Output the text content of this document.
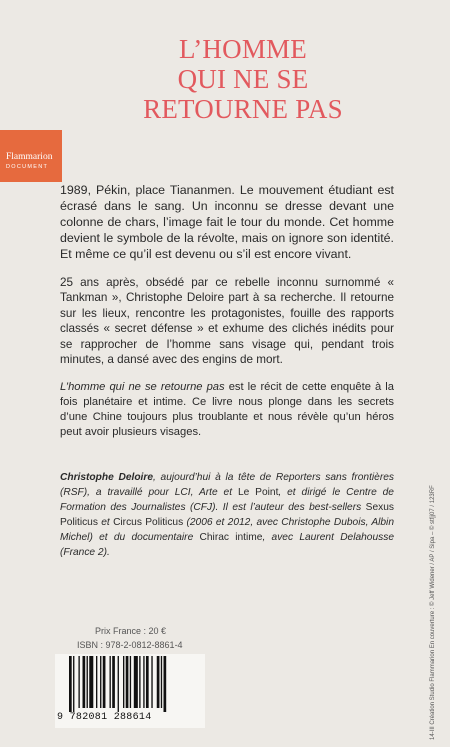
L’HOMME
QUI NE SE
RETOURNE PAS
Flammarion
DOCUMENT

1989, Pékin, place Tiananmen. Le mouvement étudiant est écrasé dans le sang. Un inconnu se dresse devant une colonne de chars, l’image fait le tour du monde. Cet homme devient le symbole de la révolte, mais on ignore son identité. Et même ce qu’il est devenu ou s’il est encore vivant.

25 ans après, obsédé par ce rebelle inconnu surnommé « Tankman », Christophe Deloire part à sa recherche. Il retourne sur les lieux, rencontre les protagonistes, fouille des rapports classés « secret défense » et exhume des clichés inédits pour se rapprocher de l’homme sans visage qui, pendant trois minutes, a dansé avec des engins de mort.

L’homme qui ne se retourne pas est le récit de cette enquête à la fois planétaire et intime. Ce livre nous plonge dans les secrets d’une Chine toujours plus troublante et nous révèle qu’un héros peut avoir plusieurs visages.

Christophe Deloire, aujourd’hui à la tête de Reporters sans frontières (RSF), a travaillé pour LCI, Arte et Le Point, et dirigé le Centre de Formation des Journalistes (CFJ). Il est l’auteur des best-sellers Sexus Politicus et Circus Politicus (2006 et 2012, avec Christophe Dubois, Albin Michel) et du documentaire Chirac intime, avec Laurent Delahousse (France 2).	14-III Création Studio Flammarion En couverture : © Jeff Widener / AP / Sipa – © stfjj07 / 123RF
Prix France : 20 €
ISBN : 978-2-0812-8861-4
9 782081 288614
